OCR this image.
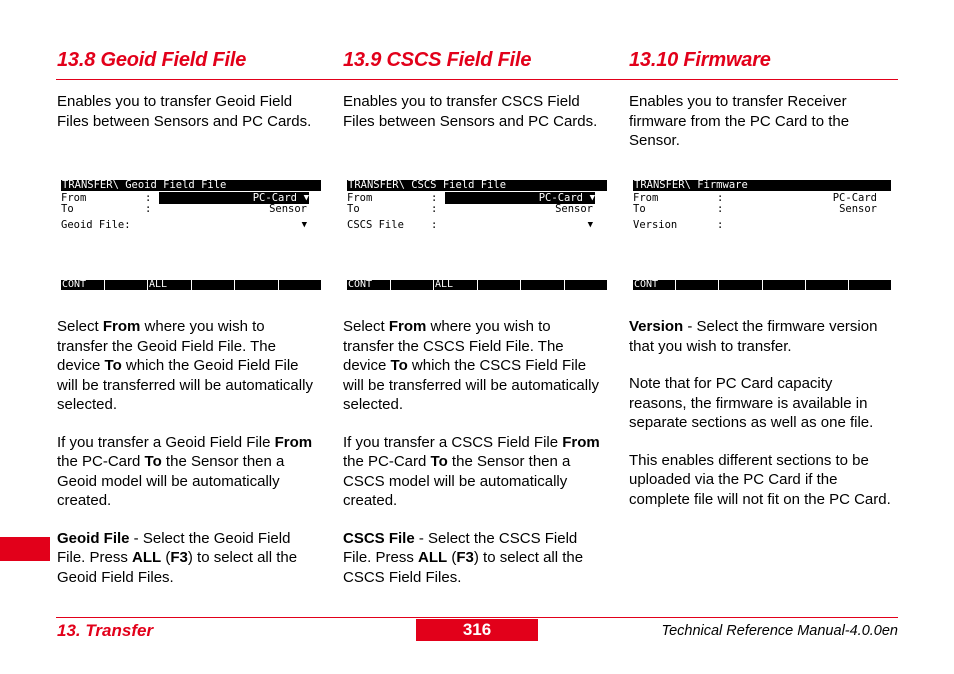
13.8 Geoid Field File

Enables you to transfer Geoid Field Files between Sensors and PC Cards.

TRANSFER\ Geoid Field File
From	:	PC-Card ▼
To	:	Sensor
Geoid File:	▼
CONT	ALL

Select From where you wish to transfer the Geoid Field File. The device To which the Geoid Field File will be transferred will be automatically selected.

If you transfer a Geoid Field File From the PC-Card To the Sensor then a Geoid model will be automatically created.

Geoid File - Select the Geoid Field File. Press ALL (F3) to select all the Geoid Field Files.

13.9 CSCS Field File

Enables you to transfer CSCS Field Files between Sensors and PC Cards.

TRANSFER\ CSCS Field File
From	:	PC-Card ▼
To	:	Sensor
CSCS File	:	▼
CONT	ALL

Select From where you wish to transfer the CSCS Field File. The device To which the CSCS Field File will be transferred will be automatically selected.

If you transfer a CSCS Field File From the PC-Card To the Sensor then a CSCS model will be automatically created.

CSCS File - Select the CSCS Field File. Press ALL (F3) to select all the CSCS Field Files.

13.10 Firmware

Enables you to transfer Receiver firmware from the PC Card to the Sensor.

TRANSFER\ Firmware
From	:	PC-Card
To	:	Sensor
Version	:	▼
CONT

Version - Select the firmware version that you wish to transfer.

Note that for PC Card capacity reasons, the firmware is available in separate sections as well as one file.

This enables different sections to be uploaded via the PC Card if the complete file will not fit on the PC Card.

13. Transfer	316	Technical Reference Manual-4.0.0en
